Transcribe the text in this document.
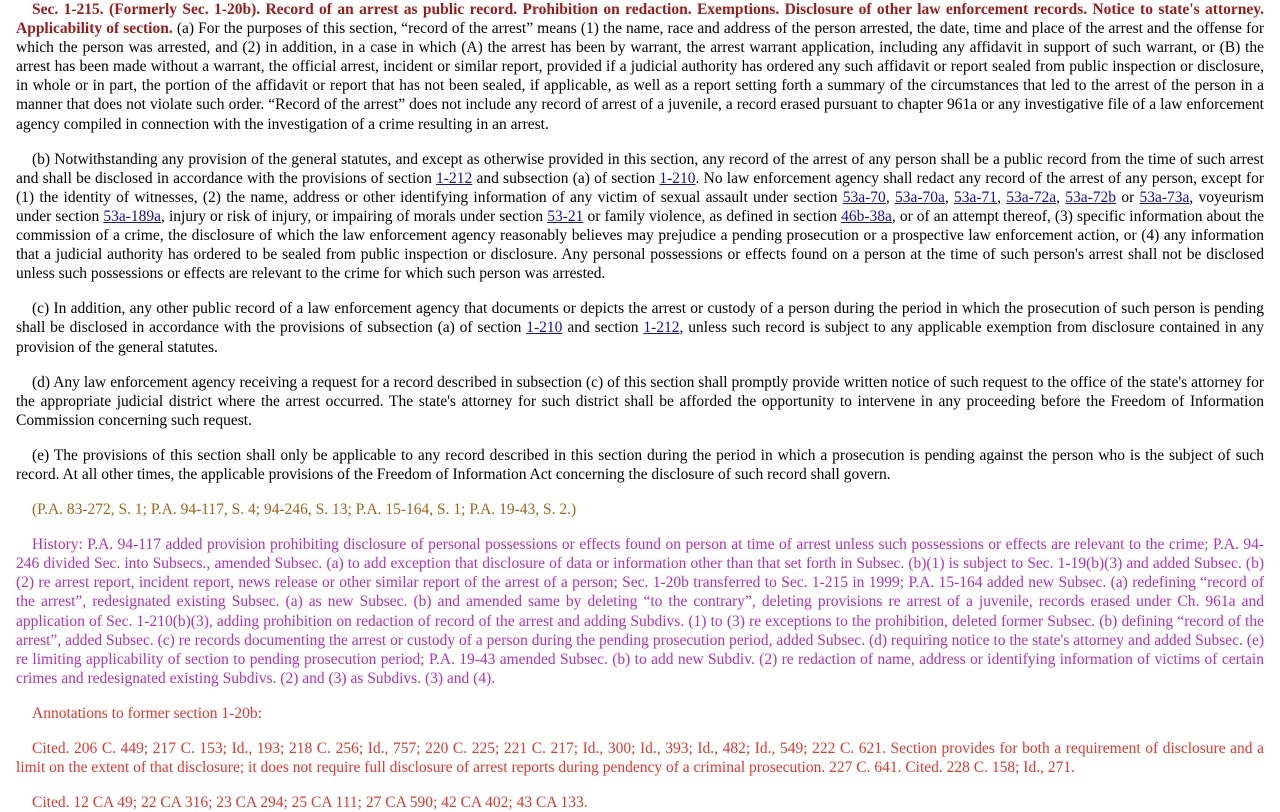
Sec. 1-215. (Formerly Sec. 1-20b). Record of an arrest as public record. Prohibition on redaction. Exemptions. Disclosure of other law enforcement records. Notice to state's attorney. Applicability of section. (a) For the purposes of this section, “record of the arrest” means (1) the name, race and address of the person arrested, the date, time and place of the arrest and the offense for which the person was arrested, and (2) in addition, in a case in which (A) the arrest has been by warrant, the arrest warrant application, including any affidavit in support of such warrant, or (B) the arrest has been made without a warrant, the official arrest, incident or similar report, provided if a judicial authority has ordered any such affidavit or report sealed from public inspection or disclosure, in whole or in part, the portion of the affidavit or report that has not been sealed, if applicable, as well as a report setting forth a summary of the circumstances that led to the arrest of the person in a manner that does not violate such order. “Record of the arrest” does not include any record of arrest of a juvenile, a record erased pursuant to chapter 961a or any investigative file of a law enforcement agency compiled in connection with the investigation of a crime resulting in an arrest.

(b) Notwithstanding any provision of the general statutes, and except as otherwise provided in this section, any record of the arrest of any person shall be a public record from the time of such arrest and shall be disclosed in accordance with the provisions of section 1-212 and subsection (a) of section 1-210. No law enforcement agency shall redact any record of the arrest of any person, except for (1) the identity of witnesses, (2) the name, address or other identifying information of any victim of sexual assault under section 53a-70, 53a-70a, 53a-71, 53a-72a, 53a-72b or 53a-73a, voyeurism under section 53a-189a, injury or risk of injury, or impairing of morals under section 53-21 or family violence, as defined in section 46b-38a, or of an attempt thereof, (3) specific information about the commission of a crime, the disclosure of which the law enforcement agency reasonably believes may prejudice a pending prosecution or a prospective law enforcement action, or (4) any information that a judicial authority has ordered to be sealed from public inspection or disclosure. Any personal possessions or effects found on a person at the time of such person's arrest shall not be disclosed unless such possessions or effects are relevant to the crime for which such person was arrested.

(c) In addition, any other public record of a law enforcement agency that documents or depicts the arrest or custody of a person during the period in which the prosecution of such person is pending shall be disclosed in accordance with the provisions of subsection (a) of section 1-210 and section 1-212, unless such record is subject to any applicable exemption from disclosure contained in any provision of the general statutes.

(d) Any law enforcement agency receiving a request for a record described in subsection (c) of this section shall promptly provide written notice of such request to the office of the state's attorney for the appropriate judicial district where the arrest occurred. The state's attorney for such district shall be afforded the opportunity to intervene in any proceeding before the Freedom of Information Commission concerning such request.

(e) The provisions of this section shall only be applicable to any record described in this section during the period in which a prosecution is pending against the person who is the subject of such record. At all other times, the applicable provisions of the Freedom of Information Act concerning the disclosure of such record shall govern.

(P.A. 83-272, S. 1; P.A. 94-117, S. 4; 94-246, S. 13; P.A. 15-164, S. 1; P.A. 19-43, S. 2.)

History: P.A. 94-117 added provision prohibiting disclosure of personal possessions or effects found on person at time of arrest unless such possessions or effects are relevant to the crime; P.A. 94-246 divided Sec. into Subsecs., amended Subsec. (a) to add exception that disclosure of data or information other than that set forth in Subsec. (b)(1) is subject to Sec. 1-19(b)(3) and added Subsec. (b)(2) re arrest report, incident report, news release or other similar report of the arrest of a person; Sec. 1-20b transferred to Sec. 1-215 in 1999; P.A. 15-164 added new Subsec. (a) redefining “record of the arrest”, redesignated existing Subsec. (a) as new Subsec. (b) and amended same by deleting “to the contrary”, deleting provisions re arrest of a juvenile, records erased under Ch. 961a and application of Sec. 1-210(b)(3), adding prohibition on redaction of record of the arrest and adding Subdivs. (1) to (3) re exceptions to the prohibition, deleted former Subsec. (b) defining “record of the arrest”, added Subsec. (c) re records documenting the arrest or custody of a person during the pending prosecution period, added Subsec. (d) requiring notice to the state's attorney and added Subsec. (e) re limiting applicability of section to pending prosecution period; P.A. 19-43 amended Subsec. (b) to add new Subdiv. (2) re redaction of name, address or identifying information of victims of certain crimes and redesignated existing Subdivs. (2) and (3) as Subdivs. (3) and (4).

Annotations to former section 1-20b:

Cited. 206 C. 449; 217 C. 153; Id., 193; 218 C. 256; Id., 757; 220 C. 225; 221 C. 217; Id., 300; Id., 393; Id., 482; Id., 549; 222 C. 621. Section provides for both a requirement of disclosure and a limit on the extent of that disclosure; it does not require full disclosure of arrest reports during pendency of a criminal prosecution. 227 C. 641. Cited. 228 C. 158; Id., 271.

Cited. 12 CA 49; 22 CA 316; 23 CA 294; 25 CA 111; 27 CA 590; 42 CA 402; 43 CA 133.
